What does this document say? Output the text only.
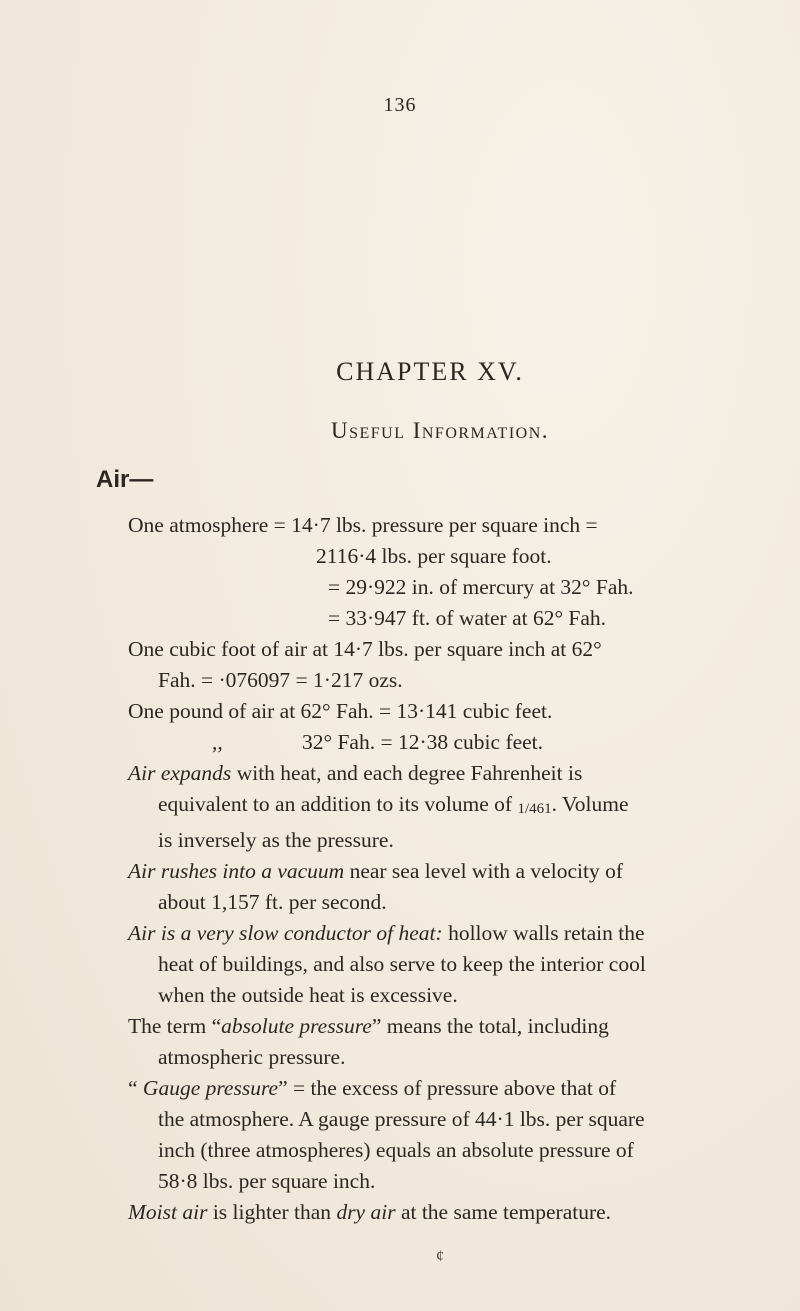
136
CHAPTER XV.
Useful Information.
Air—
One atmosphere = 14·7 lbs. pressure per square inch =
2116·4 lbs. per square foot.
= 29·922 in. of mercury at 32° Fah.
= 33·947 ft. of water at 62° Fah.
One cubic foot of air at 14·7 lbs. per square inch at 62°
Fah. = ·076097 = 1·217 ozs.
One pound of air at 62° Fah. = 13·141 cubic feet.
,,	32° Fah. = 12·38 cubic feet.
Air expands with heat, and each degree Fahrenheit is
equivalent to an addition to its volume of 1/461. Volume
is inversely as the pressure.
Air rushes into a vacuum near sea level with a velocity of
about 1,157 ft. per second.
Air is a very slow conductor of heat: hollow walls retain the
heat of buildings, and also serve to keep the interior cool
when the outside heat is excessive.
The term “absolute pressure” means the total, including
atmospheric pressure.
“ Gauge pressure” = the excess of pressure above that of
the atmosphere. A gauge pressure of 44·1 lbs. per square
inch (three atmospheres) equals an absolute pressure of
58·8 lbs. per square inch.
Moist air is lighter than dry air at the same temperature.
¢
